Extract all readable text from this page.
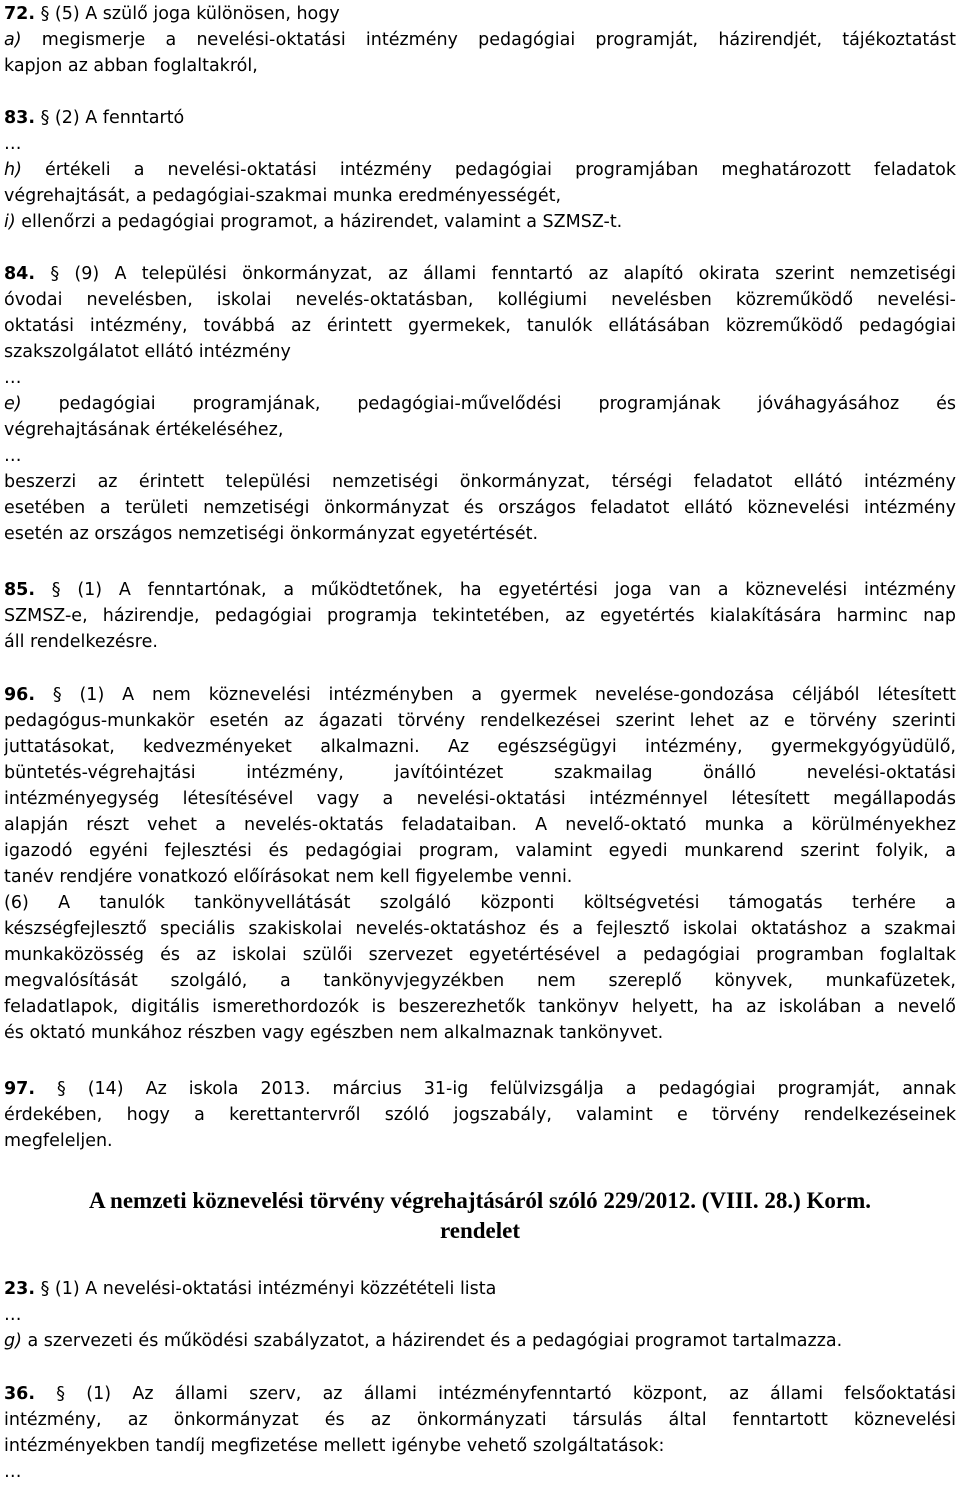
72. § (5) A szülő joga különösen, hogy
a) megismerje a nevelési-oktatási intézmény pedagógiai programját, házirendjét, tájékoztatást
kapjon az abban foglaltakról,
83. § (2) A fenntartó
…
h) értékeli a nevelési-oktatási intézmény pedagógiai programjában meghatározott feladatok
végrehajtását, a pedagógiai-szakmai munka eredményességét,
i) ellenőrzi a pedagógiai programot, a házirendet, valamint a SZMSZ-t.
84. § (9) A települési önkormányzat, az állami fenntartó az alapító okirata szerint nemzetiségi
óvodai nevelésben, iskolai nevelés-oktatásban, kollégiumi nevelésben közreműködő nevelési-
oktatási intézmény, továbbá az érintett gyermekek, tanulók ellátásában közreműködő pedagógiai
szakszolgálatot ellátó intézmény
…
e) pedagógiai programjának, pedagógiai-művelődési programjának jóváhagyásához és
végrehajtásának értékeléséhez,
…
beszerzi az érintett települési nemzetiségi önkormányzat, térségi feladatot ellátó intézmény
esetében a területi nemzetiségi önkormányzat és országos feladatot ellátó köznevelési intézmény
esetén az országos nemzetiségi önkormányzat egyetértését.
85. § (1) A fenntartónak, a működtetőnek, ha egyetértési joga van a köznevelési intézmény
SZMSZ-e, házirendje, pedagógiai programja tekintetében, az egyetértés kialakítására harminc nap
áll rendelkezésre.
96. § (1) A nem köznevelési intézményben a gyermek nevelése-gondozása céljából létesített
pedagógus-munkakör esetén az ágazati törvény rendelkezései szerint lehet az e törvény szerinti
juttatásokat, kedvezményeket alkalmazni. Az egészségügyi intézmény, gyermekgyógyüdülő,
büntetés-végrehajtási intézmény, javítóintézet szakmailag önálló nevelési-oktatási
intézményegység létesítésével vagy a nevelési-oktatási intézménnyel létesített megállapodás
alapján részt vehet a nevelés-oktatás feladataiban. A nevelő-oktató munka a körülményekhez
igazodó egyéni fejlesztési és pedagógiai program, valamint egyedi munkarend szerint folyik, a
tanév rendjére vonatkozó előírásokat nem kell figyelembe venni.
(6) A tanulók tankönyvellátását szolgáló központi költségvetési támogatás terhére a
készségfejlesztő speciális szakiskolai nevelés-oktatáshoz és a fejlesztő iskolai oktatáshoz a szakmai
munkaközösség és az iskolai szülői szervezet egyetértésével a pedagógiai programban foglaltak
megvalósítását szolgáló, a tankönyvjegyzékben nem szereplő könyvek, munkafüzetek,
feladatlapok, digitális ismerethordozók is beszerezhetők tankönyv helyett, ha az iskolában a nevelő
és oktató munkához részben vagy egészben nem alkalmaznak tankönyvet.
97. § (14) Az iskola 2013. március 31-ig felülvizsgálja a pedagógiai programját, annak
érdekében, hogy a kerettantervről szóló jogszabály, valamint e törvény rendelkezéseinek
megfeleljen.
A nemzeti köznevelési törvény végrehajtásáról szóló 229/2012. (VIII. 28.) Korm.
rendelet
23. § (1) A nevelési-oktatási intézményi közzétételi lista
…
g) a szervezeti és működési szabályzatot, a házirendet és a pedagógiai programot tartalmazza.
36. § (1) Az állami szerv, az állami intézményfenntartó központ, az állami felsőoktatási
intézmény, az önkormányzat és az önkormányzati társulás által fenntartott köznevelési
intézményekben tandíj megfizetése mellett igénybe vehető szolgáltatások:
…
